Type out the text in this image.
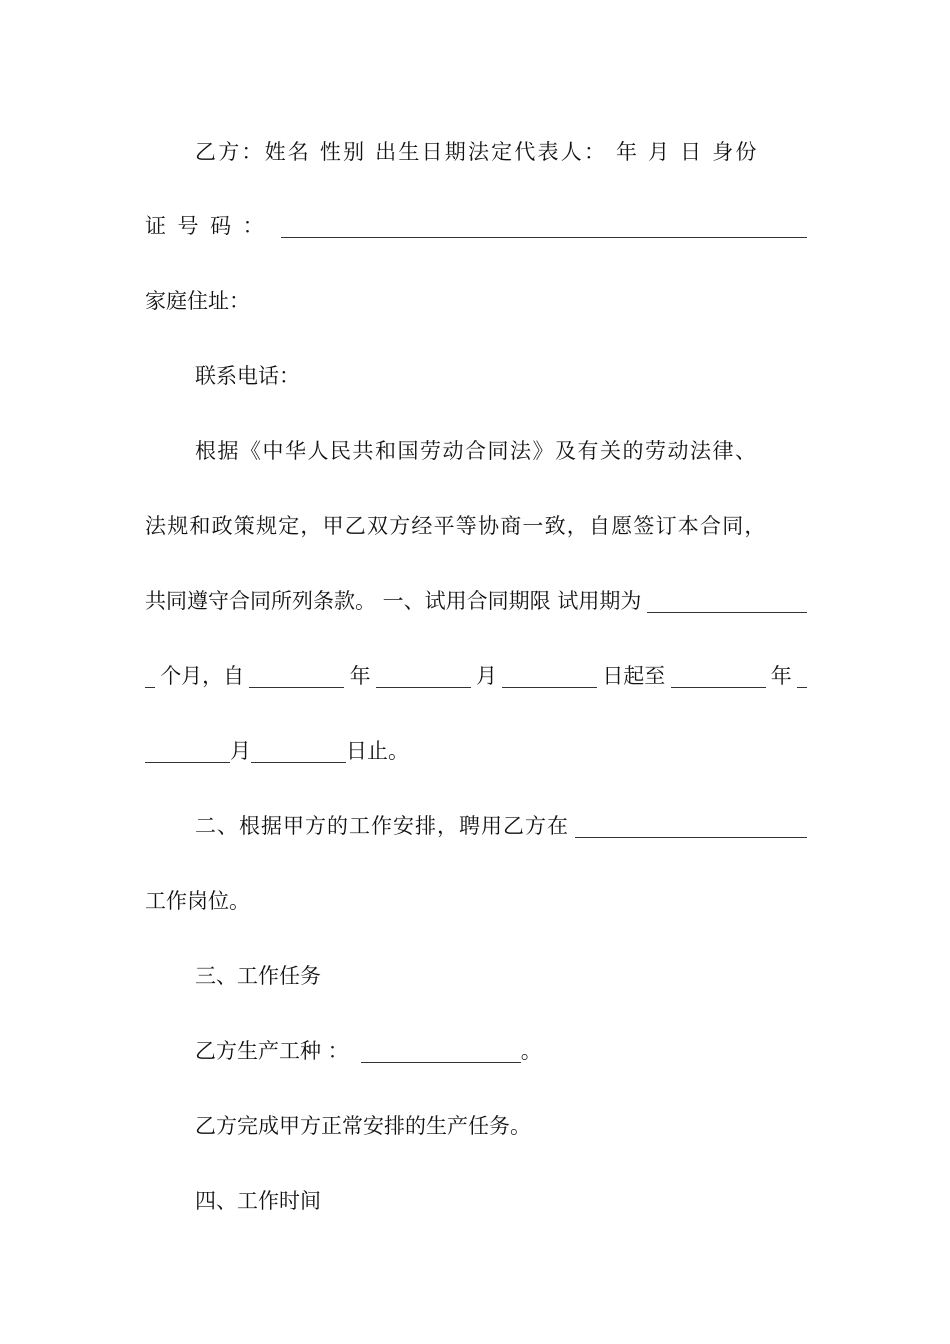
乙方：姓名 性别 出生日期法定代表人： 年 月 日 身份
证号码：
家庭住址：
联系电话：
根据《中华人民共和国劳动合同法》及有关的劳动法律、
法规和政策规定，甲乙双方经平等协商一致，自愿签订本合同，
共同遵守合同所列条款。 一、试用合同期限 试用期为
个月，自	年	月	日起至	年
月	日止。
二、根据甲方的工作安排，聘用乙方在
工作岗位。
三、工作任务
乙方生产工种 ：	。
乙方完成甲方正常安排的生产任务。
四、工作时间
